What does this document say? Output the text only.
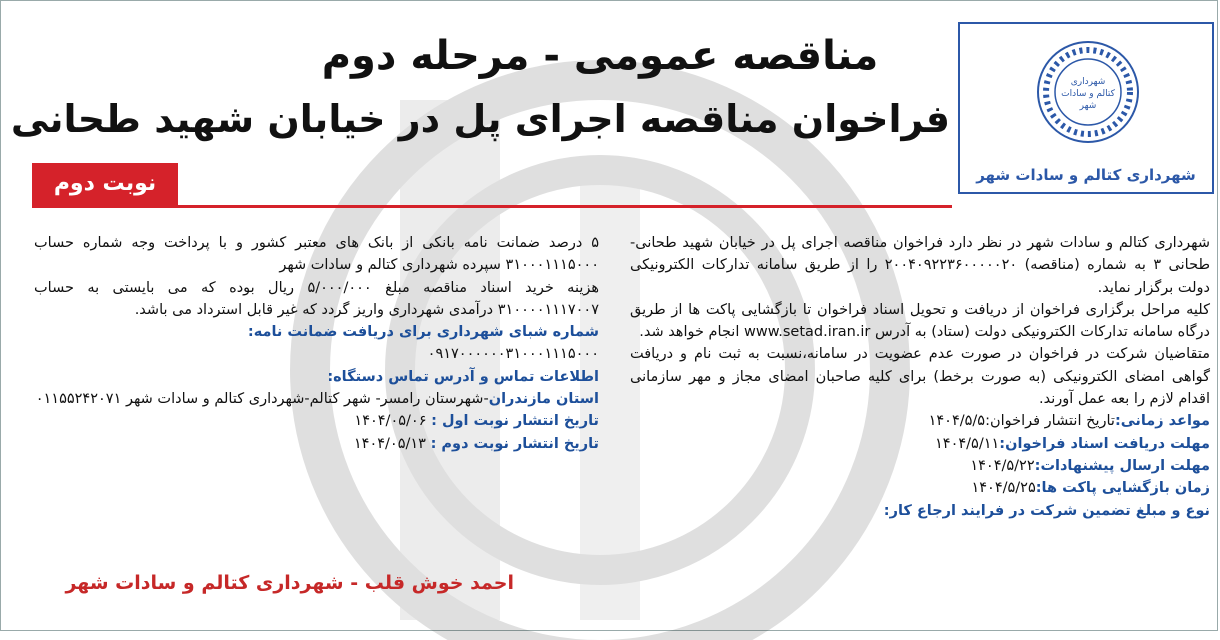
شهرداری
کتالم و سادات
شهر
شهرداری کتالم و سادات شهر
مناقصه عمومی - مرحله دوم
فراخوان مناقصه اجرای پل در خیابان شهید طحانی
نوبت دوم

شهرداری کتالم و سادات شهر در نظر دارد فراخوان مناقصه اجرای پل در خیابان شهید طحانی-طحانی ۳ به شماره (مناقصه) ۲۰۰۴۰۹۲۲۳۶۰۰۰۰۰۲۰ را از طریق سامانه تدارکات الکترونیکی دولت برگزار نماید.

کلیه مراحل برگزاری فراخوان از دریافت و تحویل اسناد فراخوان تا بازگشایی پاکت ها از طریق درگاه سامانه تدارکات الکترونیکی دولت (ستاد) به آدرس www.setad.iran.ir انجام خواهد شد.

متقاضیان شرکت در فراخوان در صورت عدم عضویت در سامانه،نسبت به ثبت نام و دریافت گواهی امضای الکترونیکی (به صورت برخط) برای کلیه صاحبان امضای مجاز و مهر سازمانی اقدام لازم را بعه عمل آورند.

مواعد زمانی:تاریخ انتشار فراخوان:۱۴۰۴/۵/۵

مهلت دریافت اسناد فراخوان:۱۴۰۴/۵/۱۱

مهلت ارسال پیشنهادات:۱۴۰۴/۵/۲۲

زمان بازگشایی پاکت ها:۱۴۰۴/۵/۲۵

نوع و مبلغ تضمین شرکت در فرایند ارجاع کار:

۵ درصد ضمانت نامه بانکی از بانک های معتبر کشور و با پرداخت وجه شماره حساب ۳۱۰۰۰۱۱۱۵۰۰۰ سپرده شهرداری کتالم و سادات شهر

هزینه خرید اسناد مناقصه مبلغ ۵/۰۰۰/۰۰۰ ریال بوده که می بایستی به حساب ۳۱۰۰۰۰۱۱۱۷۰۰۷ درآمدی شهرداری واریز گردد که غیر قابل استرداد می باشد.

شماره شبای شهرداری برای دریافت ضمانت نامه:

۰۹۱۷۰۰۰۰۰۰۳۱۰۰۰۱۱۱۵۰۰۰

اطلاعات تماس و آدرس تماس دستگاه:

استان مازندران-شهرستان رامسر- شهر کتالم-شهرداری کتالم و سادات شهر ۰۱۱۵۵۲۴۲۰۷۱

تاریخ انتشار نوبت اول : ۱۴۰۴/۰۵/۰۶

تاریخ انتشار نوبت دوم : ۱۴۰۴/۰۵/۱۳

احمد خوش قلب - شهرداری کتالم و سادات شهر
